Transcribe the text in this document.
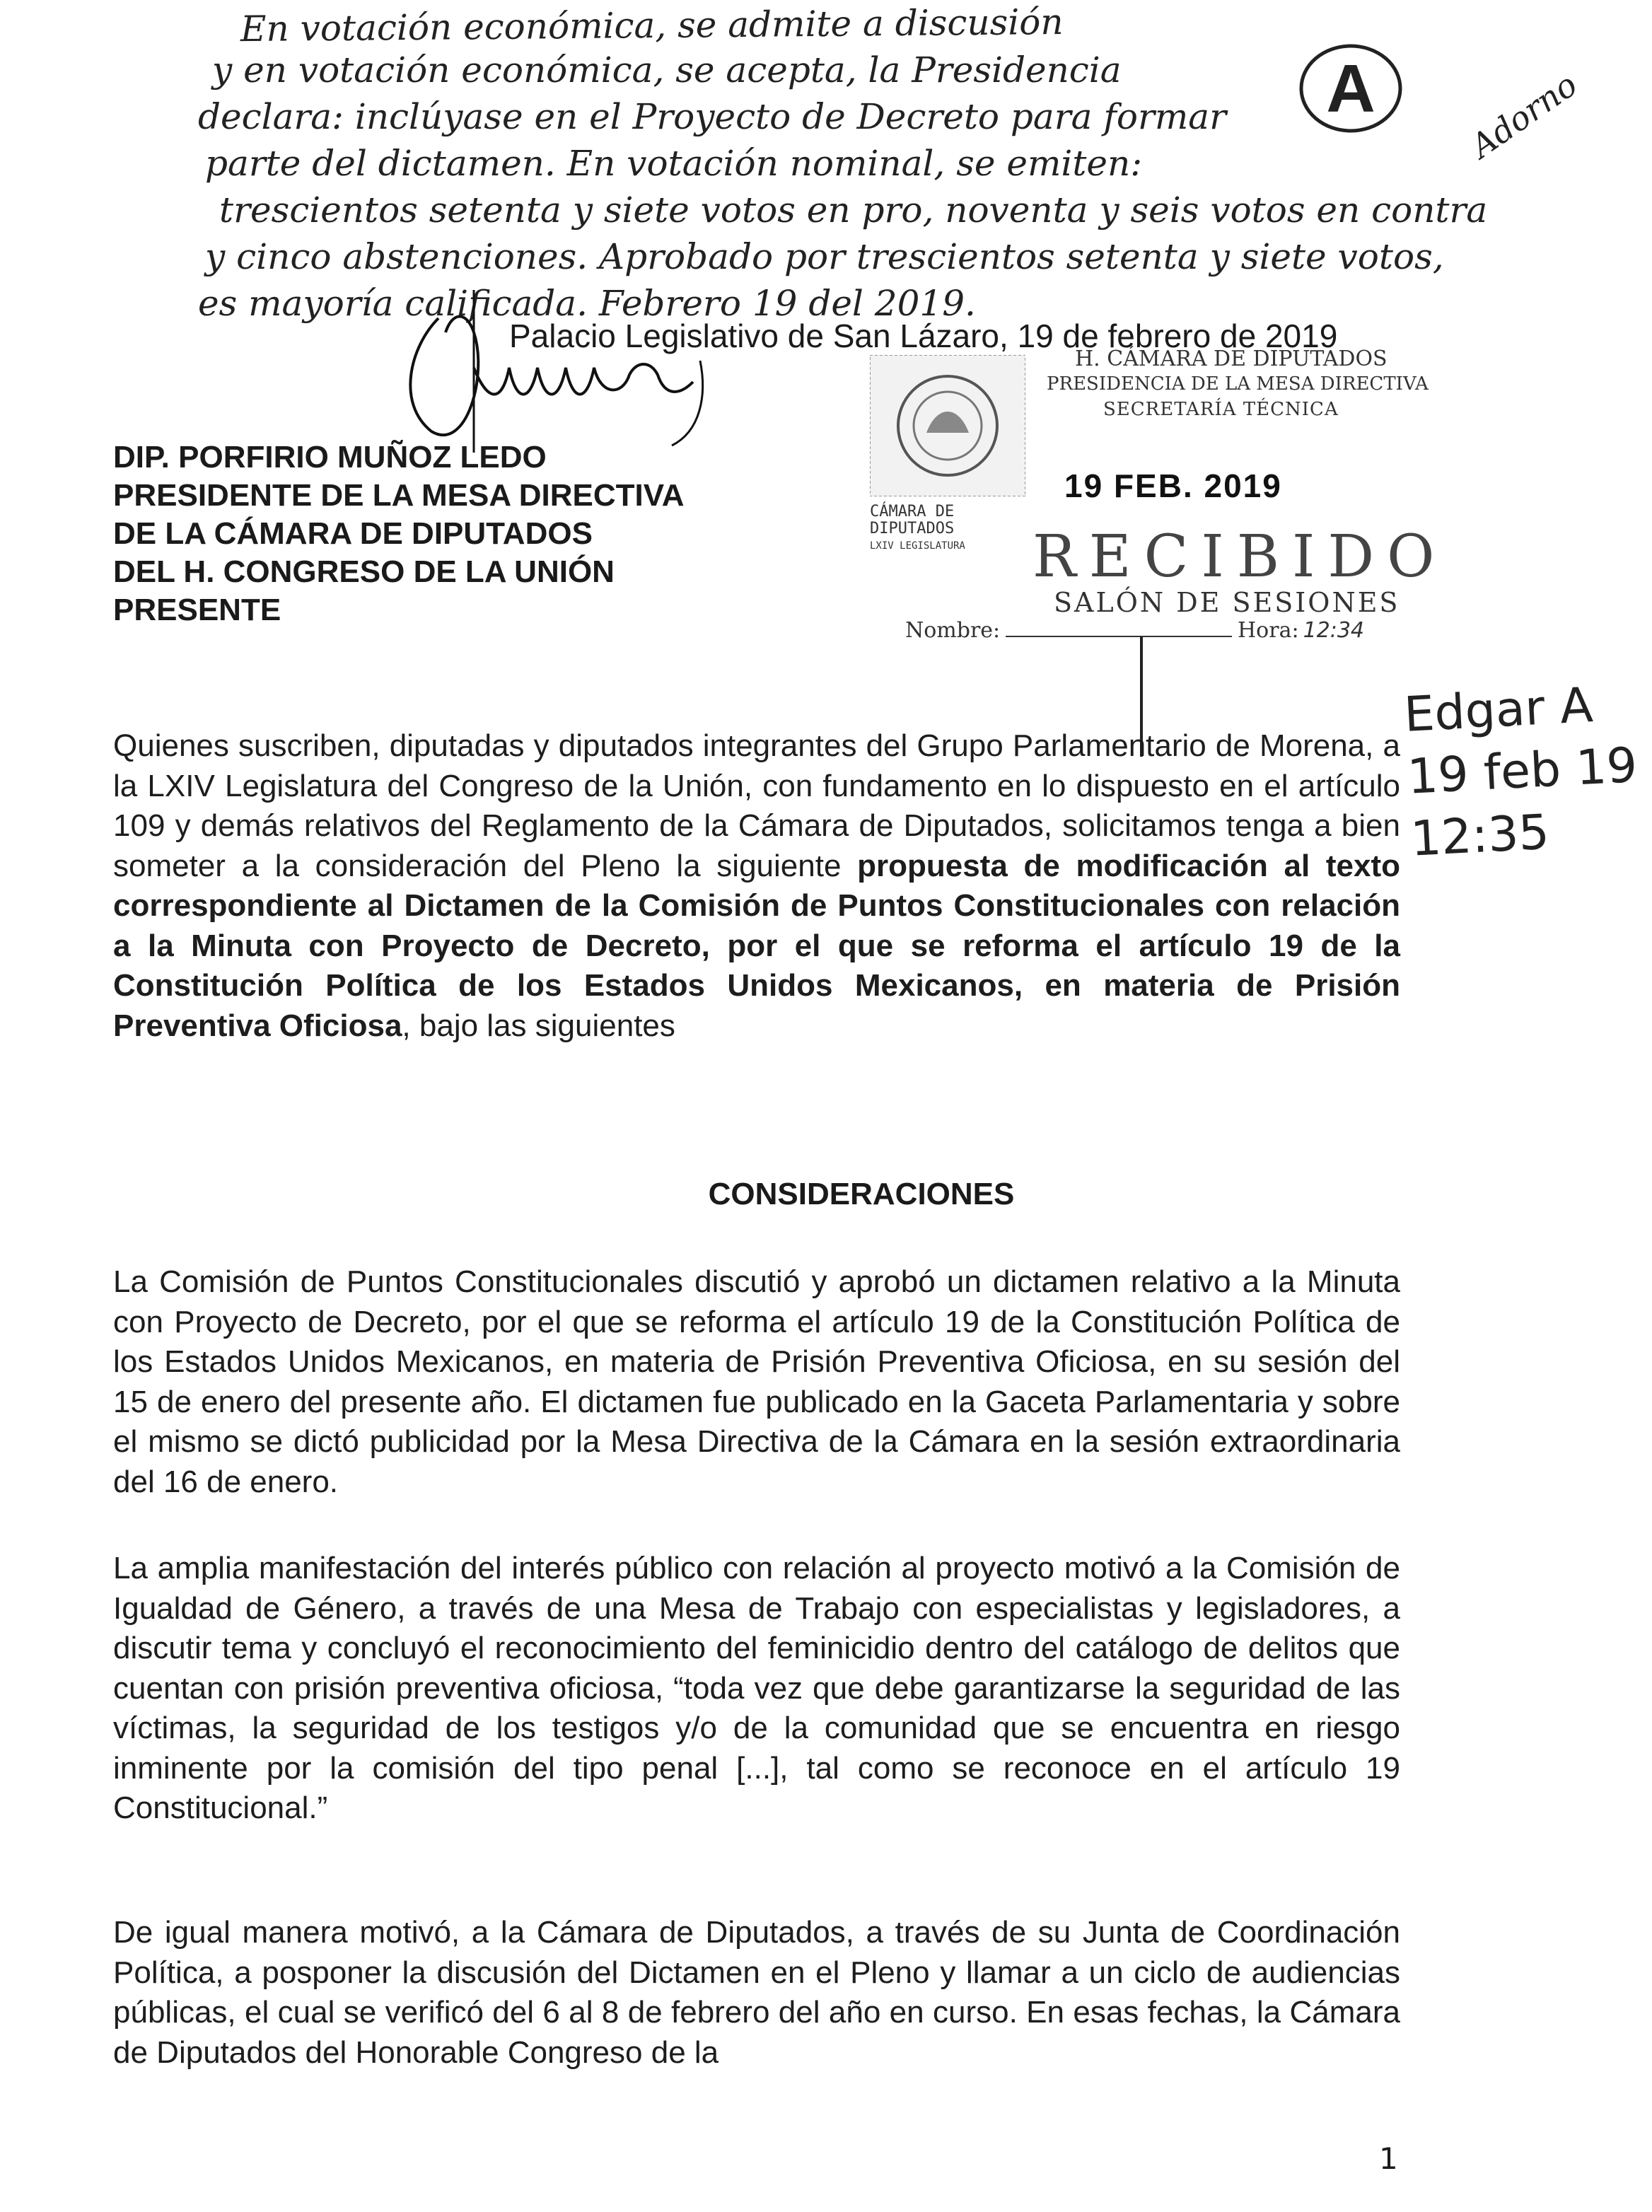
En votación económica, se admite a discusión
y en votación económica, se acepta, la Presidencia
declara: inclúyase en el Proyecto de Decreto para formar
parte del dictamen. En votación nominal, se emiten:
trescientos setenta y siete votos en pro, noventa y seis votos en contra
y cinco abstenciones. Aprobado por trescientos setenta y siete votos,
es mayoría calificada. Febrero 19 del 2019.
Adorno
A
Palacio Legislativo de San Lázaro, 19 de febrero de 2019
DIP. PORFIRIO MUÑOZ LEDO
PRESIDENTE DE LA MESA DIRECTIVA
DE LA CÁMARA DE DIPUTADOS
DEL H. CONGRESO DE LA UNIÓN
PRESENTE
H. CÁMARA DE DIPUTADOS
PRESIDENCIA DE LA MESA DIRECTIVA
SECRETARÍA TÉCNICA
19 FEB. 2019
CÁMARA DE
DIPUTADOS
LXIV LEGISLATURA RECIBIDO
SALÓN DE SESIONES
Nombre:	Hora: 12:34
Edgar A
19 feb 19
12:35
Quienes suscriben, diputadas y diputados integrantes del Grupo Parlamentario de Morena, a la LXIV Legislatura del Congreso de la Unión, con fundamento en lo dispuesto en el artículo 109 y demás relativos del Reglamento de la Cámara de Diputados, solicitamos tenga a bien someter a la consideración del Pleno la siguiente propuesta de modificación al texto correspondiente al Dictamen de la Comisión de Puntos Constitucionales con relación a la Minuta con Proyecto de Decreto, por el que se reforma el artículo 19 de la Constitución Política de los Estados Unidos Mexicanos, en materia de Prisión Preventiva Oficiosa, bajo las siguientes
CONSIDERACIONES
La Comisión de Puntos Constitucionales discutió y aprobó un dictamen relativo a la Minuta con Proyecto de Decreto, por el que se reforma el artículo 19 de la Constitución Política de los Estados Unidos Mexicanos, en materia de Prisión Preventiva Oficiosa, en su sesión del 15 de enero del presente año. El dictamen fue publicado en la Gaceta Parlamentaria y sobre el mismo se dictó publicidad por la Mesa Directiva de la Cámara en la sesión extraordinaria del 16 de enero.
La amplia manifestación del interés público con relación al proyecto motivó a la Comisión de Igualdad de Género, a través de una Mesa de Trabajo con especialistas y legisladores, a discutir tema y concluyó el reconocimiento del feminicidio dentro del catálogo de delitos que cuentan con prisión preventiva oficiosa, “toda vez que debe garantizarse la seguridad de las víctimas, la seguridad de los testigos y/o de la comunidad que se encuentra en riesgo inminente por la comisión del tipo penal [...], tal como se reconoce en el artículo 19 Constitucional.”
De igual manera motivó, a la Cámara de Diputados, a través de su Junta de Coordinación Política, a posponer la discusión del Dictamen en el Pleno y llamar a un ciclo de audiencias públicas, el cual se verificó del 6 al 8 de febrero del año en curso. En esas fechas, la Cámara de Diputados del Honorable Congreso de la
1
